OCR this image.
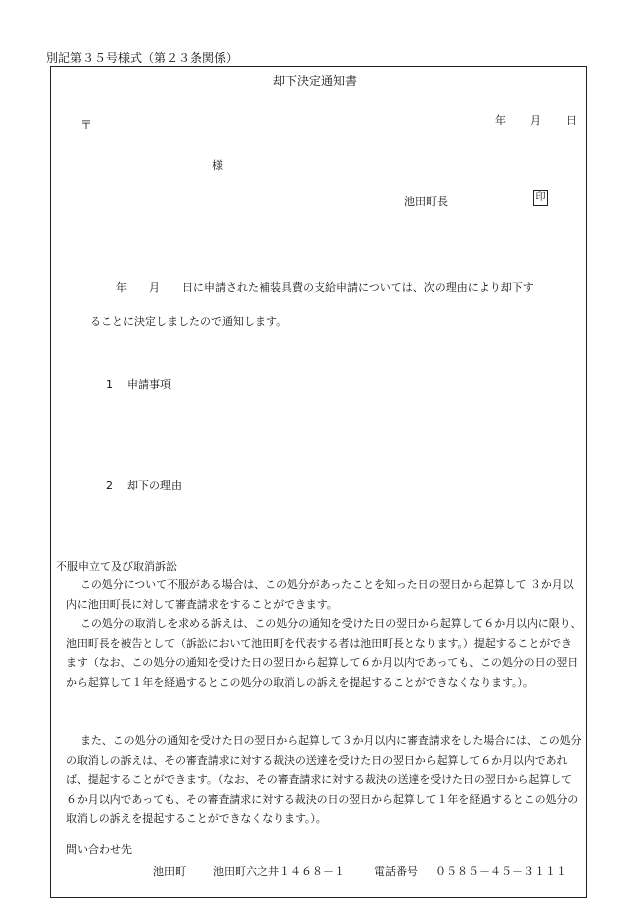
別記第３５号様式（第２３条関係）
却下決定通知書
〒	年 月 日
様
池田町長	印
年　　月　　日に申請された補装具費の支給申請については、次の理由により却下す
ることに決定しましたので通知します。
1 申請事項
2 却下の理由
不服申立て及び取消訴訟

この処分について不服がある場合は、この処分があったことを知った日の翌日から起算して ３か月以内に池田町長に対して審査請求をすることができます。

この処分の取消しを求める訴えは、この処分の通知を受けた日の翌日から起算して６か月以内に限り、池田町長を被告として（訴訟において池田町を代表する者は池田町長となります。）提起することができます（なお、この処分の通知を受けた日の翌日から起算して６か月以内であっても、この処分の日の翌日から起算して１年を経過するとこの処分の取消しの訴えを提起することができなくなります。）。

また、この処分の通知を受けた日の翌日から起算して３か月以内に審査請求をした場合には、この処分の取消しの訴えは、その審査請求に対する裁決の送達を受けた日の翌日から起算して６か月以内であれば、提起することができます。（なお、その審査請求に対する裁決の送達を受けた日の翌日から起算して６か月以内であっても、その審査請求に対する裁決の日の翌日から起算して１年を経過するとこの処分の取消しの訴えを提起することができなくなります。）。

問い合わせ先
池田町 池田町六之井１４６８－１	電話番号 ０５８５－４５－３１１１
